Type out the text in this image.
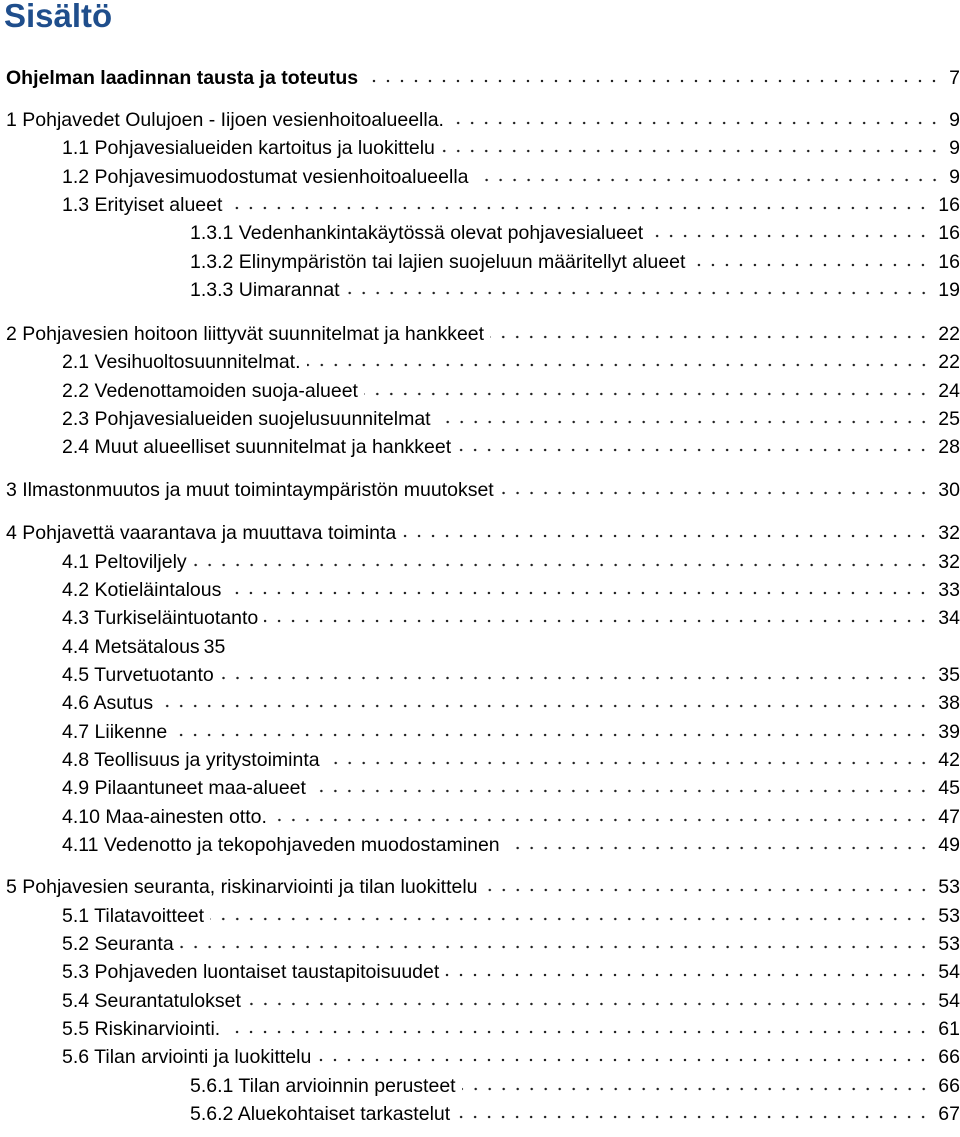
Sisältö
Ohjelman laadinnan tausta ja toteutus	7
1 Pohjavedet Oulujoen - Iijoen vesienhoitoalueella.	9
1.1 Pohjavesialueiden kartoitus ja luokittelu	9
1.2 Pohjavesimuodostumat vesienhoitoalueella	9
1.3 Erityiset alueet	16
1.3.1 Vedenhankintakäytössä olevat pohjavesialueet	16
1.3.2 Elinympäristön tai lajien suojeluun määritellyt alueet	16
1.3.3 Uimarannat	19
2 Pohjavesien hoitoon liittyvät suunnitelmat ja hankkeet	22
2.1 Vesihuoltosuunnitelmat.	22
2.2 Vedenottamoiden suoja-alueet	24
2.3 Pohjavesialueiden suojelusuunnitelmat	25
2.4 Muut alueelliset suunnitelmat ja hankkeet	28
3 Ilmastonmuutos ja muut toimintaympäristön muutokset	30
4 Pohjavettä vaarantava ja muuttava toiminta	32
4.1 Peltoviljely	32
4.2 Kotieläintalous	33
4.3 Turkiseläintuotanto	34
4.4 Metsätalous 35
4.5 Turvetuotanto	35
4.6 Asutus	38
4.7 Liikenne	39
4.8 Teollisuus ja yritystoiminta	42
4.9 Pilaantuneet maa-alueet	45
4.10 Maa-ainesten otto.	47
4.11 Vedenotto ja tekopohjaveden muodostaminen	49
5 Pohjavesien seuranta, riskinarviointi ja tilan luokittelu	53
5.1 Tilatavoitteet	53
5.2 Seuranta	53
5.3 Pohjaveden luontaiset taustapitoisuudet	54
5.4 Seurantatulokset	54
5.5 Riskinarviointi.	61
5.6 Tilan arviointi ja luokittelu	66
5.6.1 Tilan arvioinnin perusteet	66
5.6.2 Aluekohtaiset tarkastelut	67
